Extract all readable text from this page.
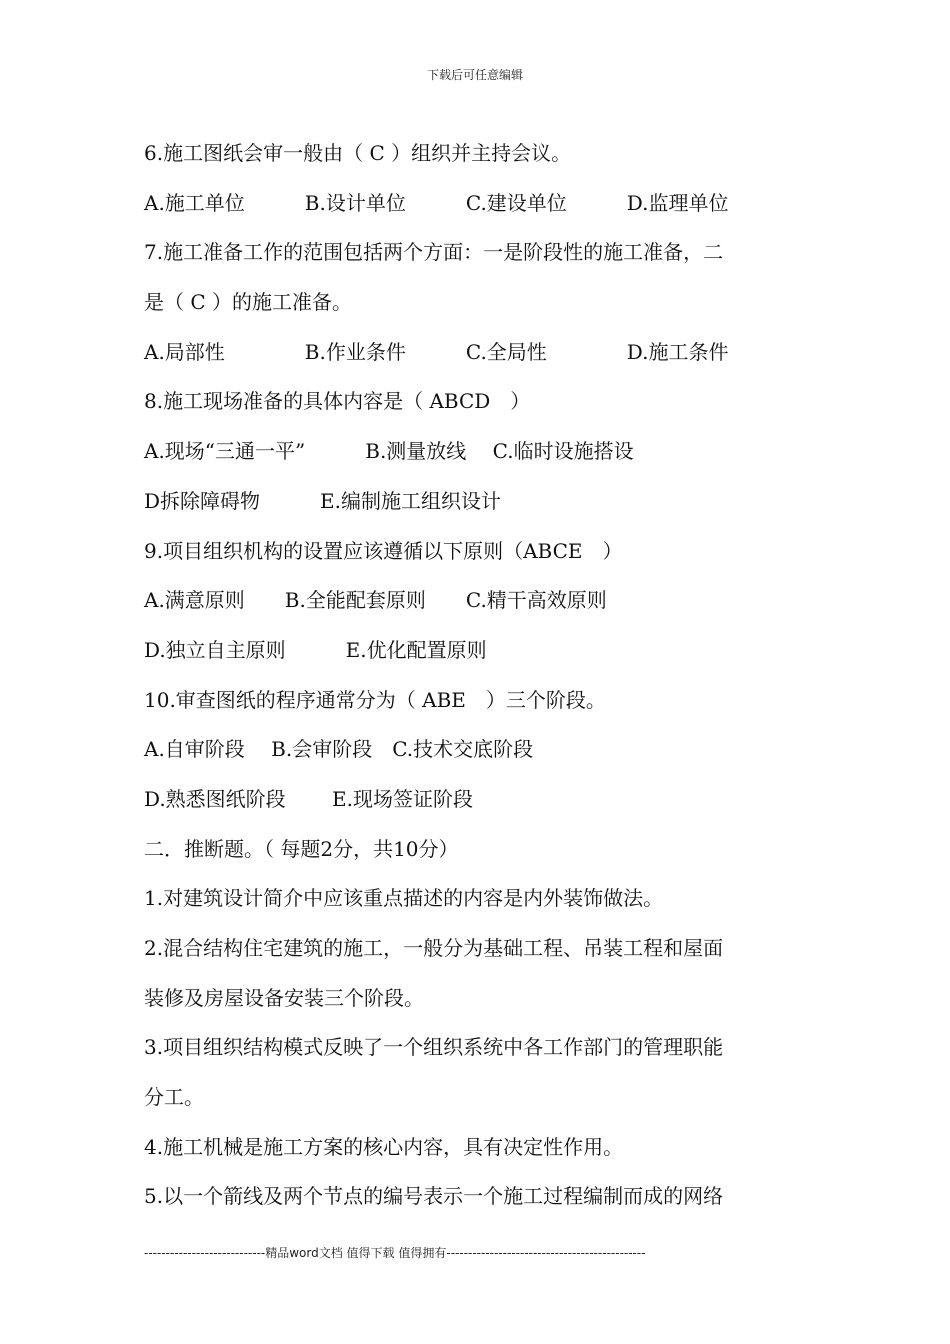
下载后可任意编辑
6.施工图纸会审一般由（ C ）组织并主持会议。
A.施工单位　　　B.设计单位　　　C.建设单位　　　D.监理单位
7.施工准备工作的范围包括两个方面：一是阶段性的施工准备，二
是（ C ）的施工准备。
A.局部性　　　　B.作业条件　　　C.全局性　　　　D.施工条件
8.施工现场准备的具体内容是（ ABCD　）
A.现场“三通一平”　　　B.测量放线　 C.临时设施搭设
D拆除障碍物　　　E.编制施工组织设计
9.项目组织机构的设置应该遵循以下原则（ABCE　）
A.满意原则　　B.全能配套原则　　C.精干高效原则
D.独立自主原则　　　E.优化配置原则
10.审查图纸的程序通常分为（ ABE　）三个阶段。
A.自审阶段　 B.会审阶段　C.技术交底阶段
D.熟悉图纸阶段　　 E.现场签证阶段
二．推断题。（ 每题2分，共10分）
1.对建筑设计简介中应该重点描述的内容是内外装饰做法。
2.混合结构住宅建筑的施工，一般分为基础工程、吊装工程和屋面
装修及房屋设备安装三个阶段。
3.项目组织结构模式反映了一个组织系统中各工作部门的管理职能
分工。
4.施工机械是施工方案的核心内容，具有决定性作用。
5.以一个箭线及两个节点的编号表示一个施工过程编制而成的网络
----------------------------精品word文档 值得下载 值得拥有----------------------------------------------
